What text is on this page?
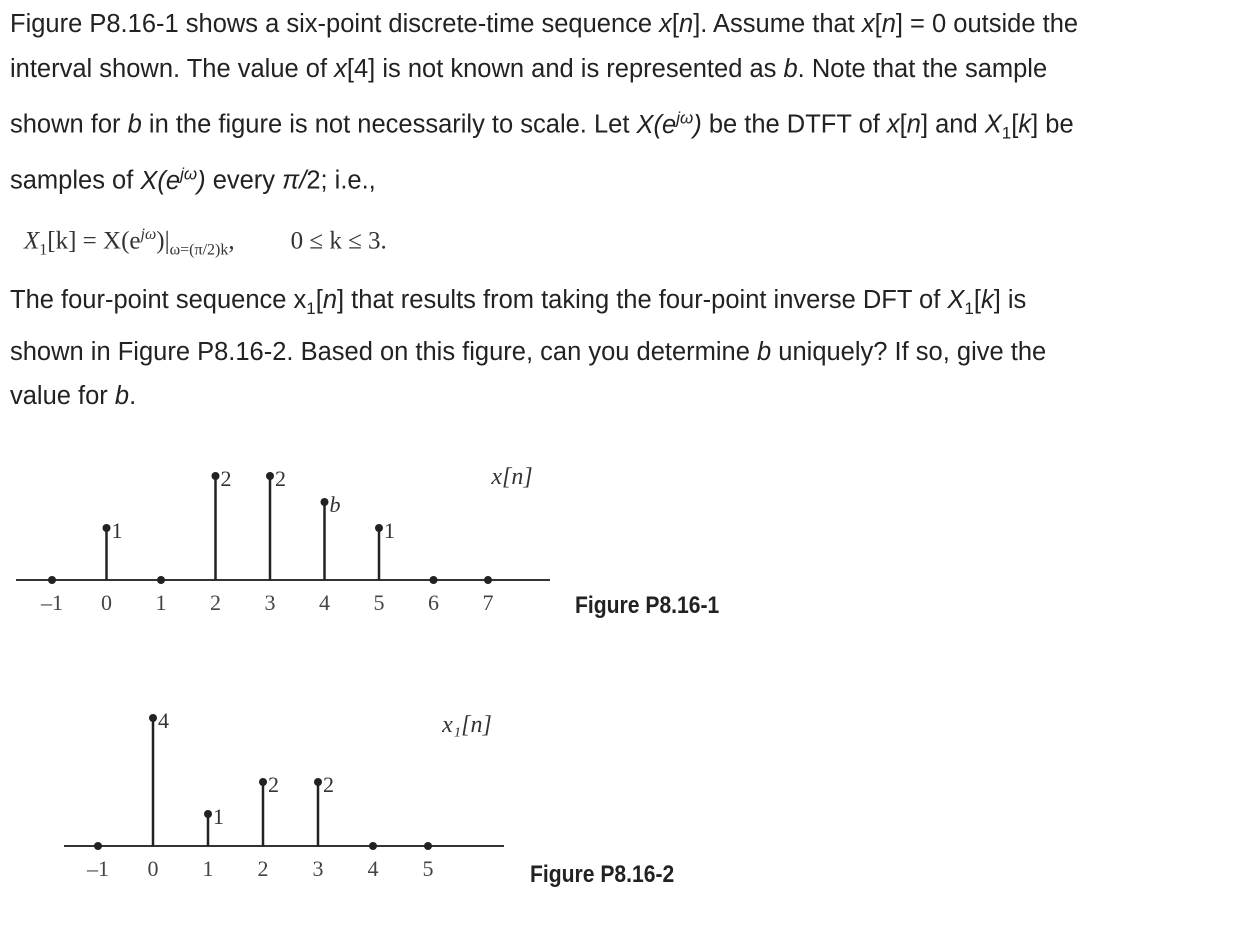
Figure P8.16-1 shows a six-point discrete-time sequence x[n]. Assume that x[n] = 0 outside the
interval shown. The value of x[4] is not known and is represented as b. Note that the sample
shown for b in the figure is not necessarily to scale. Let $X(e^{j\omega})$ be the DTFT of x[n] and $X_1[k]$ be
samples of $X(e^{j\omega})$ every π/2; i.e.,
$X_1[k] = X(e^{j\omega})|_{\omega=(\pi/2)k}$, 0 ≤ k ≤ 3.
The four-point sequence $x_1[n]$ that results from taking the four-point inverse DFT of $X_1[k]$ is
shown in Figure P8.16-2. Based on this figure, can you determine b uniquely? If so, give the
value for b.
1
2 2
b
1
–1 0 1 2 3 4 5 6 7
x[n]
Figure P8.16-1
4
1
2 2
–1 0 1 2 3 4 5
x₁[n]
Figure P8.16-2
